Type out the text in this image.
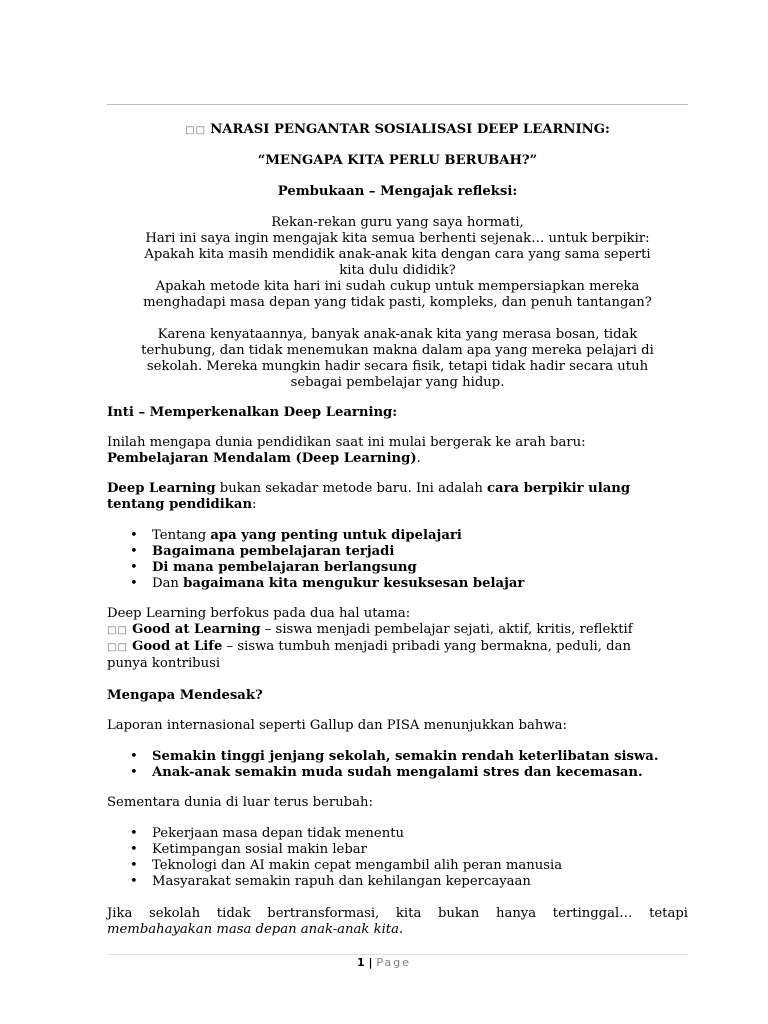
□□ NARASI PENGANTAR SOSIALISASI DEEP LEARNING:

“MENGAPA KITA PERLU BERUBAH?”

Pembukaan – Mengajak refleksi:

Rekan-rekan guru yang saya hormati,

Hari ini saya ingin mengajak kita semua berhenti sejenak… untuk berpikir:

Apakah kita masih mendidik anak-anak kita dengan cara yang sama seperti

kita dulu dididik?

Apakah metode kita hari ini sudah cukup untuk mempersiapkan mereka

menghadapi masa depan yang tidak pasti, kompleks, dan penuh tantangan?

Karena kenyataannya, banyak anak-anak kita yang merasa bosan, tidak

terhubung, dan tidak menemukan makna dalam apa yang mereka pelajari di

sekolah. Mereka mungkin hadir secara fisik, tetapi tidak hadir secara utuh

sebagai pembelajar yang hidup.

Inti – Memperkenalkan Deep Learning:

Inilah mengapa dunia pendidikan saat ini mulai bergerak ke arah baru:

Pembelajaran Mendalam (Deep Learning).

Deep Learning bukan sekadar metode baru. Ini adalah cara berpikir ulang

tentang pendidikan:

• Tentang apa yang penting untuk dipelajari
• Bagaimana pembelajaran terjadi
• Di mana pembelajaran berlangsung
• Dan bagaimana kita mengukur kesuksesan belajar

Deep Learning berfokus pada dua hal utama:

□□ Good at Learning – siswa menjadi pembelajar sejati, aktif, kritis, reflektif

□□ Good at Life – siswa tumbuh menjadi pribadi yang bermakna, peduli, dan

punya kontribusi

Mengapa Mendesak?

Laporan internasional seperti Gallup dan PISA menunjukkan bahwa:

• Semakin tinggi jenjang sekolah, semakin rendah keterlibatan siswa.
• Anak-anak semakin muda sudah mengalami stres dan kecemasan.

Sementara dunia di luar terus berubah:

• Pekerjaan masa depan tidak menentu
• Ketimpangan sosial makin lebar
• Teknologi dan AI makin cepat mengambil alih peran manusia
• Masyarakat semakin rapuh dan kehilangan kepercayaan

Jika sekolah tidak bertransformasi, kita bukan hanya tertinggal… tetapi

membahayakan masa depan anak-anak kita.

1 | Page
